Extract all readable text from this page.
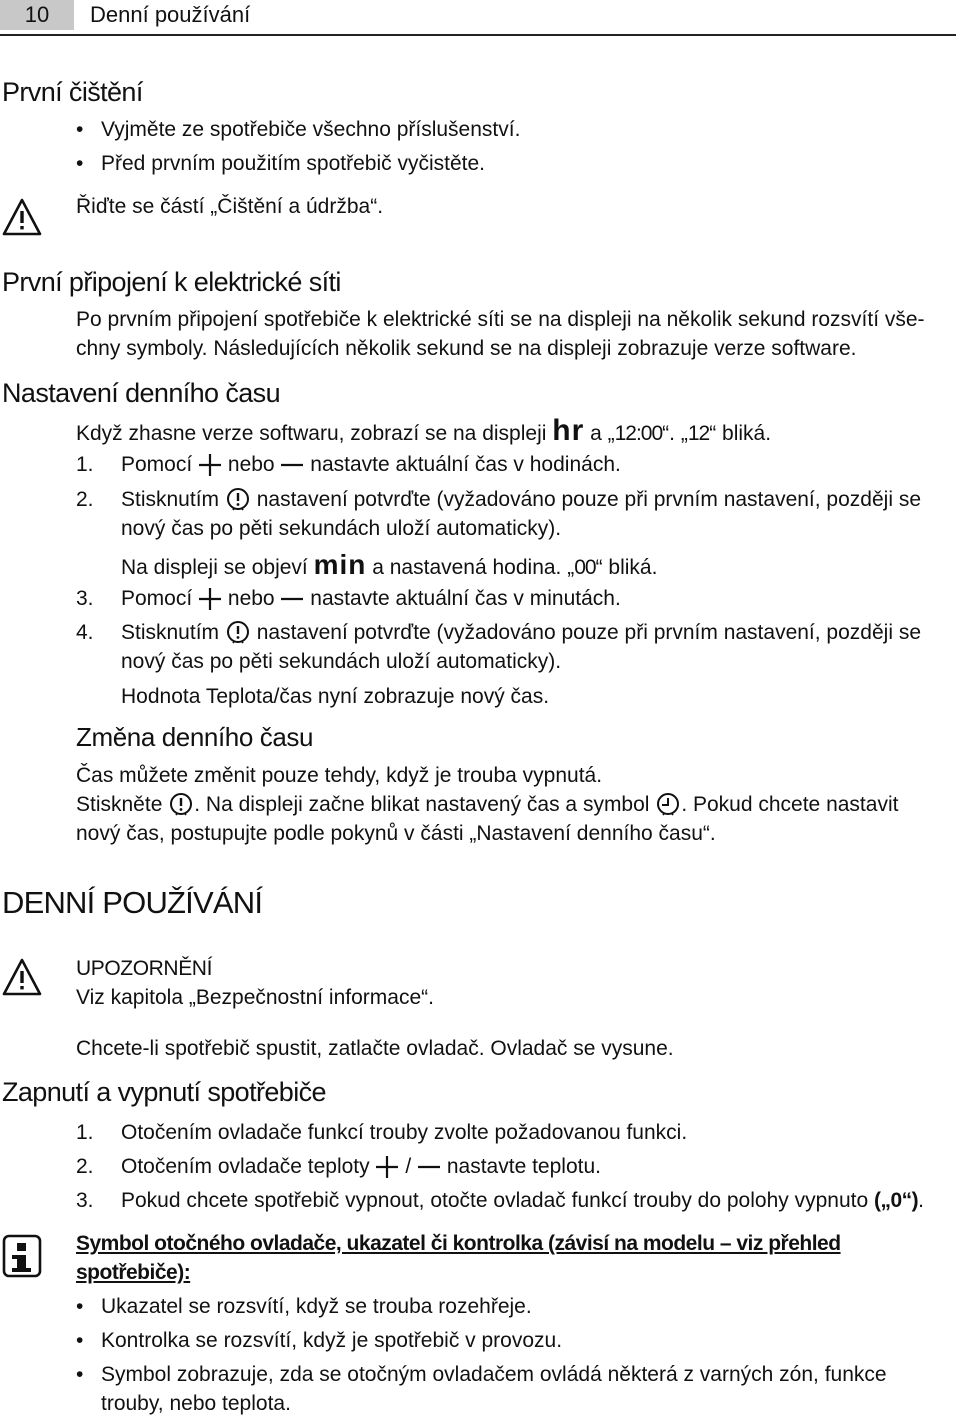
10	Denní používání
První čištění
• Vyjměte ze spotřebiče všechno příslušenství.
• Před prvním použitím spotřebič vyčistěte.
Řiďte se částí „Čištění a údržba“.
První připojení k elektrické síti
Po prvním připojení spotřebiče k elektrické síti se na displeji na několik sekund rozsvítí vše-
chny symboly. Následujících několik sekund se na displeji zobrazuje verze software.
Nastavení denního času
Když zhasne verze softwaru, zobrazí se na displeji hr a „12:00“. „12“ bliká.
1. Pomocí nebo nastavte aktuální čas v hodinách.
2. Stisknutím nastavení potvrďte (vyžadováno pouze při prvním nastavení, později se
nový čas po pěti sekundách uloží automaticky).
Na displeji se objeví min a nastavená hodina. „00“ bliká.
3. Pomocí nebo nastavte aktuální čas v minutách.
4. Stisknutím nastavení potvrďte (vyžadováno pouze při prvním nastavení, později se
nový čas po pěti sekundách uloží automaticky).
Hodnota Teplota/čas nyní zobrazuje nový čas.
Změna denního času
Čas můžete změnit pouze tehdy, když je trouba vypnutá.
Stiskněte . Na displeji začne blikat nastavený čas a symbol . Pokud chcete nastavit
nový čas, postupujte podle pokynů v části „Nastavení denního času“.
DENNÍ POUŽÍVÁNÍ
UPOZORNĚNÍ
Viz kapitola „Bezpečnostní informace“.
Chcete-li spotřebič spustit, zatlačte ovladač. Ovladač se vysune.
Zapnutí a vypnutí spotřebiče
1. Otočením ovladače funkcí trouby zvolte požadovanou funkci.
2. Otočením ovladače teploty / nastavte teplotu.
3. Pokud chcete spotřebič vypnout, otočte ovladač funkcí trouby do polohy vypnuto („0“).
Symbol otočného ovladače, ukazatel či kontrolka (závisí na modelu – viz přehled
spotřebiče):
• Ukazatel se rozsvítí, když se trouba rozehřeje.
• Kontrolka se rozsvítí, když je spotřebič v provozu.
• Symbol zobrazuje, zda se otočným ovladačem ovládá některá z varných zón, funkce
trouby, nebo teplota.
